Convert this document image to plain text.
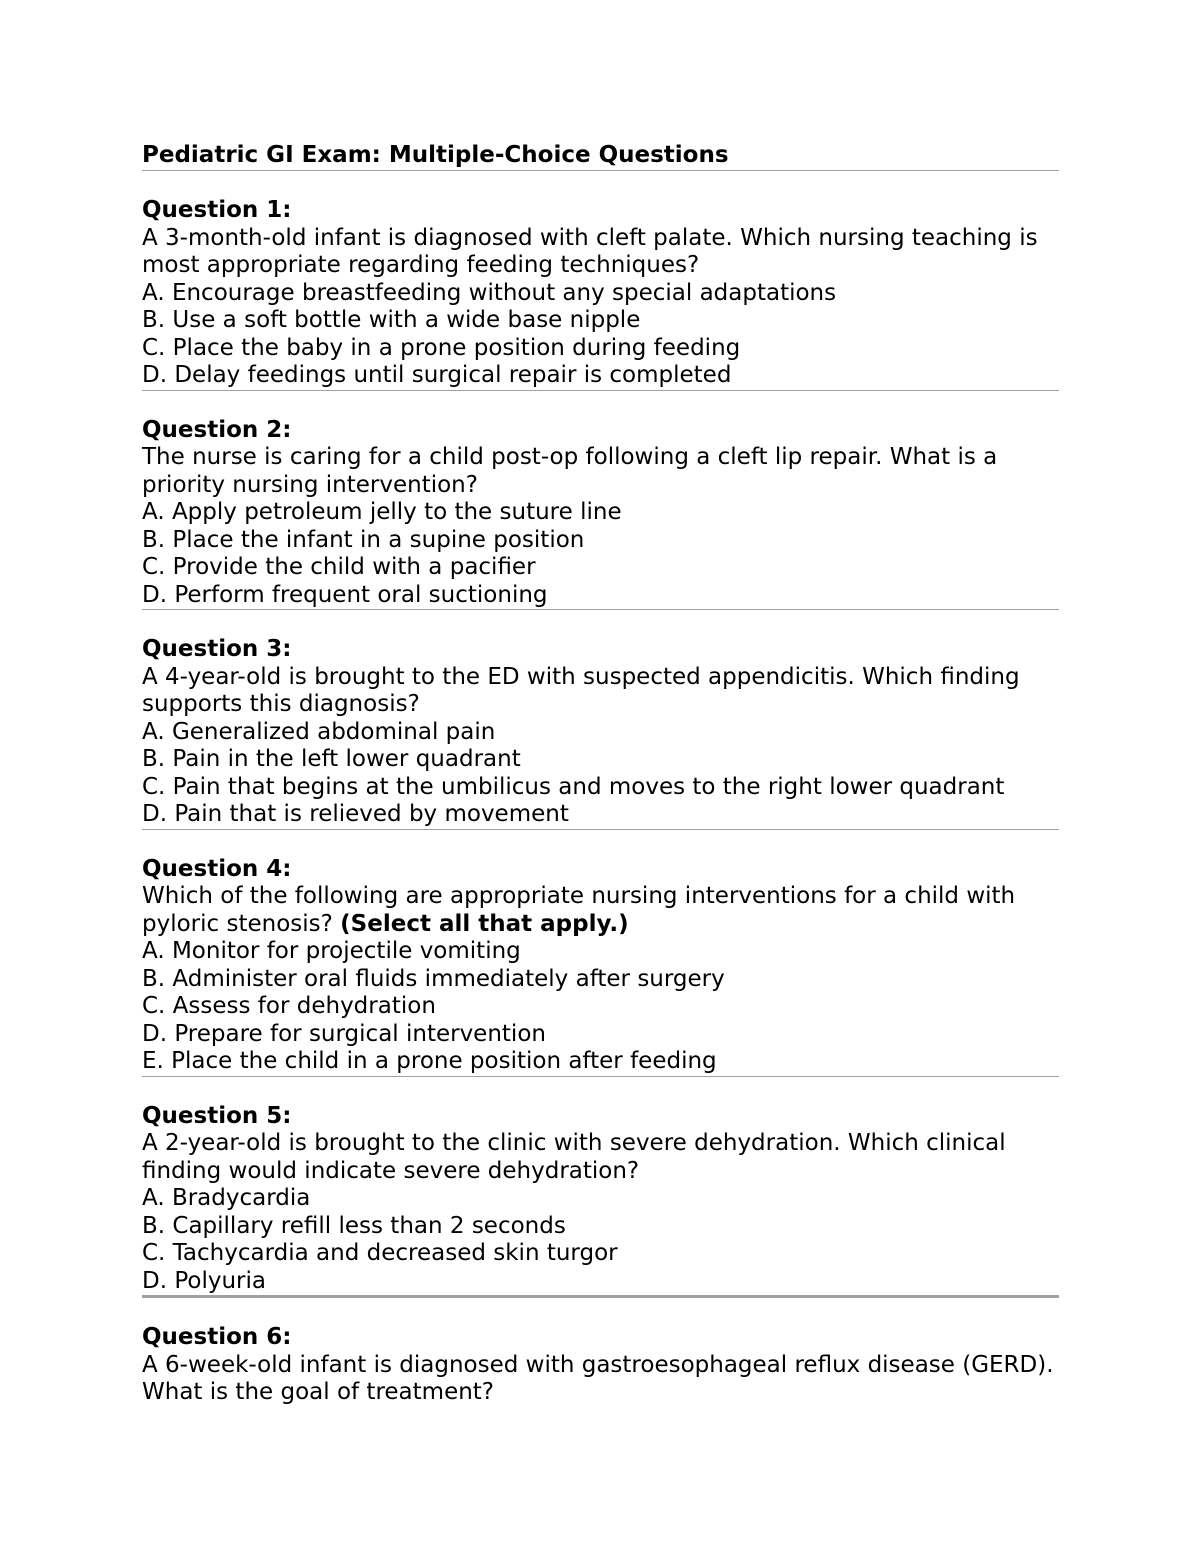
Pediatric GI Exam: Multiple-Choice Questions
Question 1:
A 3-month-old infant is diagnosed with cleft palate. Which nursing teaching is most appropriate regarding feeding techniques?
A. Encourage breastfeeding without any special adaptations
B. Use a soft bottle with a wide base nipple
C. Place the baby in a prone position during feeding
D. Delay feedings until surgical repair is completed
Question 2:
The nurse is caring for a child post-op following a cleft lip repair. What is a priority nursing intervention?
A. Apply petroleum jelly to the suture line
B. Place the infant in a supine position
C. Provide the child with a pacifier
D. Perform frequent oral suctioning
Question 3:
A 4-year-old is brought to the ED with suspected appendicitis. Which finding supports this diagnosis?
A. Generalized abdominal pain
B. Pain in the left lower quadrant
C. Pain that begins at the umbilicus and moves to the right lower quadrant
D. Pain that is relieved by movement
Question 4:
Which of the following are appropriate nursing interventions for a child with pyloric stenosis? (Select all that apply.)
A. Monitor for projectile vomiting
B. Administer oral fluids immediately after surgery
C. Assess for dehydration
D. Prepare for surgical intervention
E. Place the child in a prone position after feeding
Question 5:
A 2-year-old is brought to the clinic with severe dehydration. Which clinical finding would indicate severe dehydration?
A. Bradycardia
B. Capillary refill less than 2 seconds
C. Tachycardia and decreased skin turgor
D. Polyuria
Question 6:
A 6-week-old infant is diagnosed with gastroesophageal reflux disease (GERD). What is the goal of treatment?
